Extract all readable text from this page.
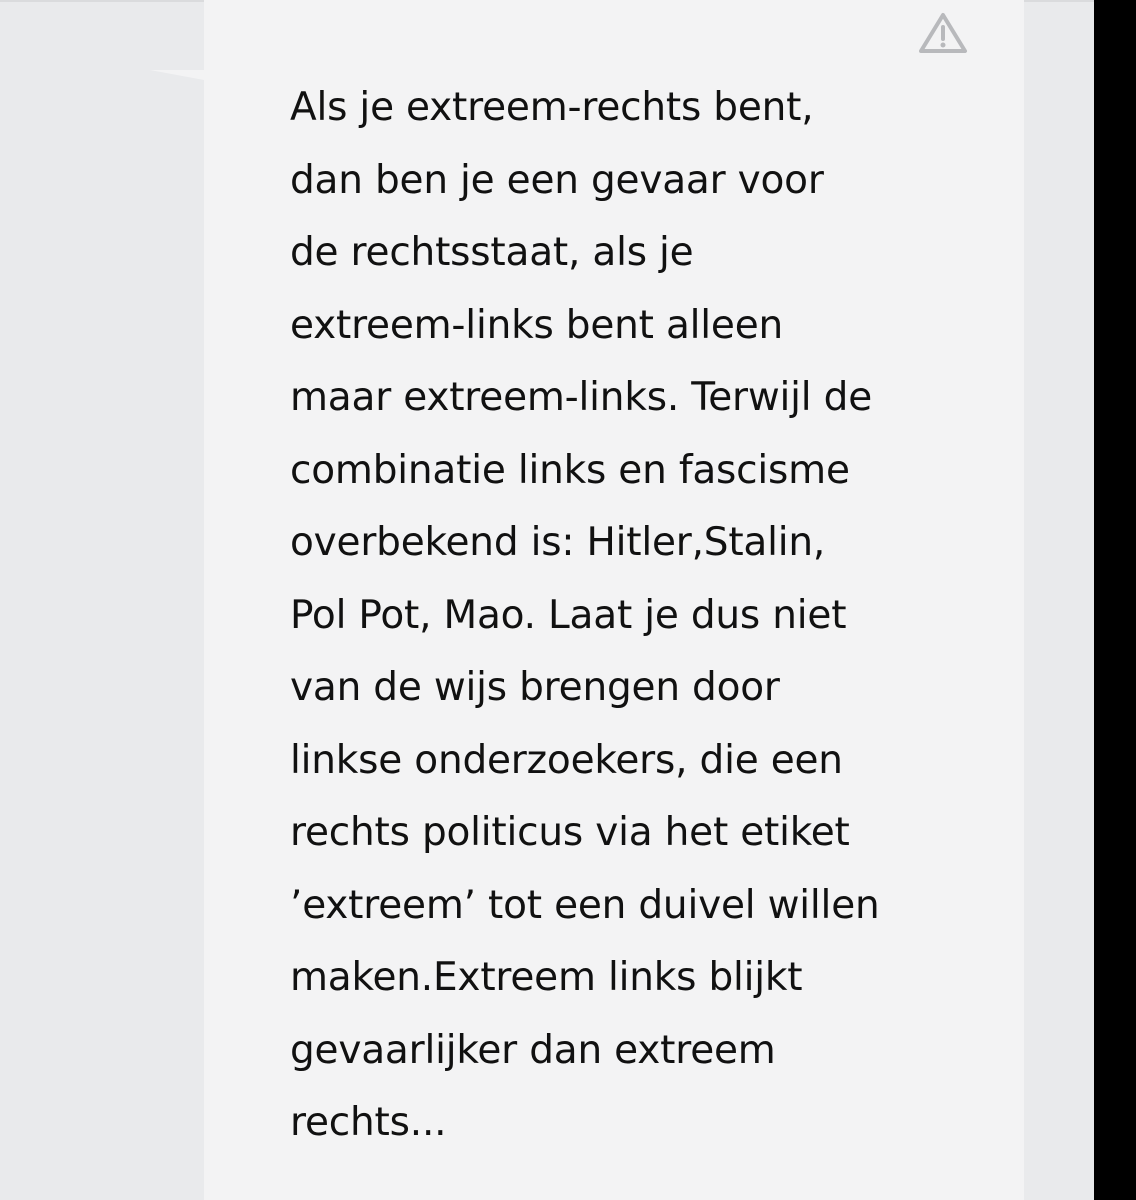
Als je extreem-rechts bent,
dan ben je een gevaar voor
de rechtsstaat, als je
extreem-links bent alleen
maar extreem-links. Terwijl de
combinatie links en fascisme
overbekend is: Hitler,Stalin,
Pol Pot, Mao. Laat je dus niet
van de wijs brengen door
linkse onderzoekers, die een
rechts politicus via het etiket
’extreem’ tot een duivel willen
maken.Extreem links blijkt
gevaarlijker dan extreem
rechts...
